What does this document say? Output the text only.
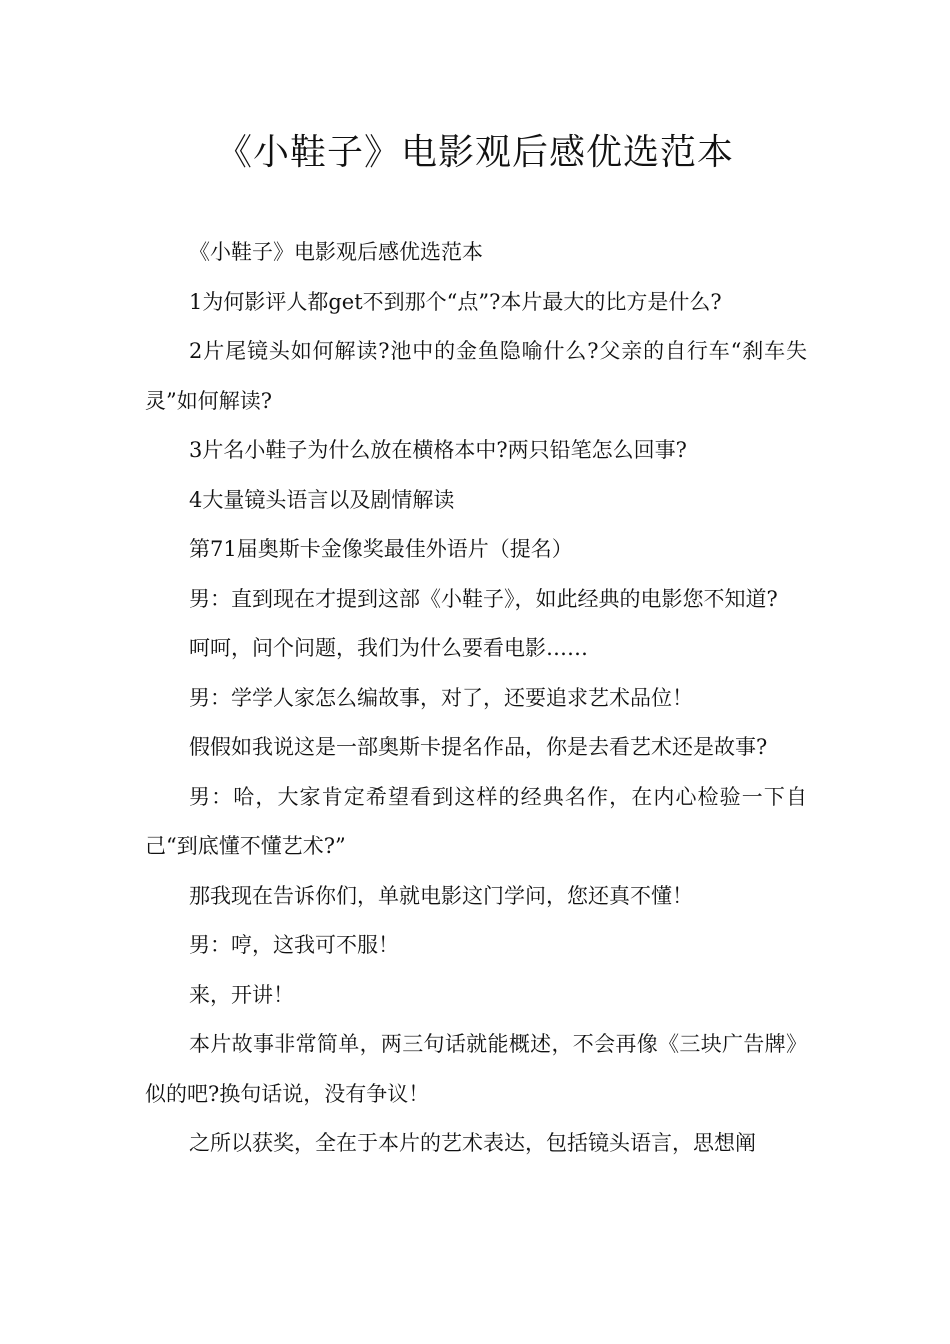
《小鞋子》电影观后感优选范本

《小鞋子》电影观后感优选范本

1为何影评人都get不到那个“点”?本片最大的比方是什么?

2片尾镜头如何解读?池中的金鱼隐喻什么?父亲的自行车“刹车失灵”如何解读?

3片名小鞋子为什么放在横格本中?两只铅笔怎么回事?

4大量镜头语言以及剧情解读

第71届奥斯卡金像奖最佳外语片（提名）

男：直到现在才提到这部《小鞋子》，如此经典的电影您不知道?

呵呵，问个问题，我们为什么要看电影……

男：学学人家怎么编故事，对了，还要追求艺术品位！

假假如我说这是一部奥斯卡提名作品，你是去看艺术还是故事?

男：哈，大家肯定希望看到这样的经典名作，在内心检验一下自己“到底懂不懂艺术?”

那我现在告诉你们，单就电影这门学问，您还真不懂！

男：哼，这我可不服！

来，开讲！

本片故事非常简单，两三句话就能概述，不会再像《三块广告牌》似的吧?换句话说，没有争议！

之所以获奖，全在于本片的艺术表达，包括镜头语言，思想阐
